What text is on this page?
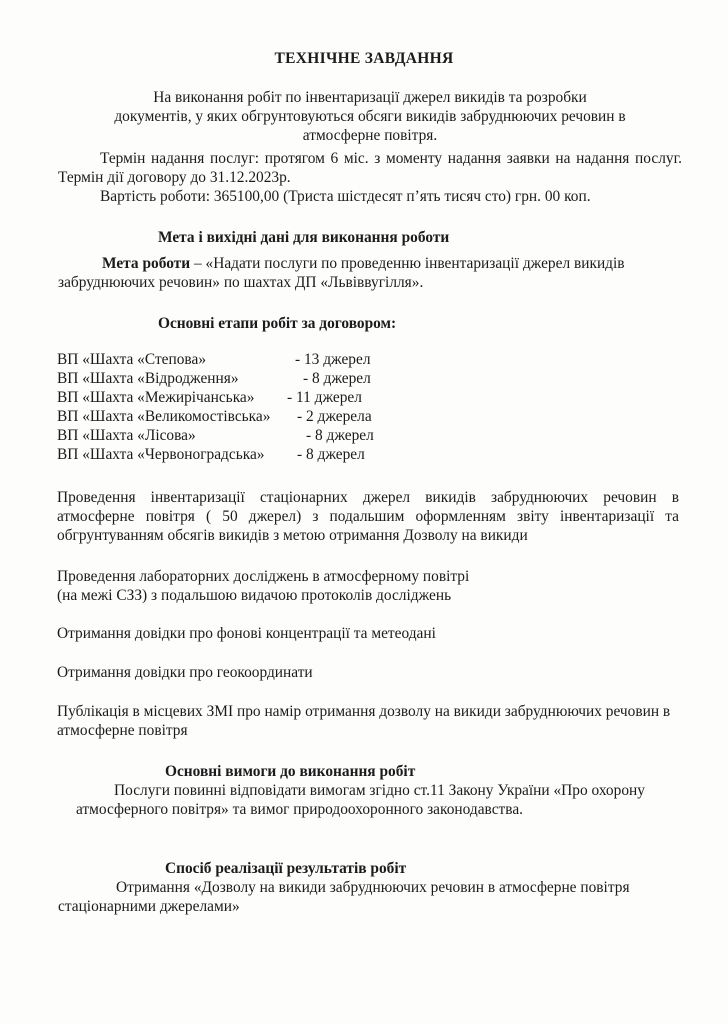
ТЕХНІЧНЕ ЗАВДАННЯ
На виконання робіт по інвентаризації джерел викидів та розробки
документів, у яких обгрунтовуються обсяги викидів забруднюючих речовин в
атмосферне повітря.
Термін надання послуг: протягом 6 міс. з моменту надання заявки на надання послуг. Термін дії договору до 31.12.2023р.
Вартість роботи: 365100,00 (Триста шістдесят п’ять тисяч сто) грн. 00 коп.
Мета і вихідні дані для виконання роботи
Мета роботи – «Надати послуги по проведенню інвентаризації джерел викидів забруднюючих речовин» по шахтах ДП «Львіввугілля».
Основні етапи робіт за договором:
ВП «Шахта «Степова»	- 13 джерел
ВП «Шахта «Відродження»	- 8 джерел
ВП «Шахта «Межирічанська» - 11 джерел
ВП «Шахта «Великомостівська» - 2 джерела
ВП «Шахта «Лісова»	- 8 джерел
ВП «Шахта «Червоноградська» - 8 джерел
Проведення інвентаризації стаціонарних джерел викидів забруднюючих речовин в атмосферне повітря ( 50 джерел) з подальшим оформленням звіту інвентаризації та обгрунтуванням обсягів викидів з метою отримання Дозволу на викиди
Проведення лабораторних досліджень в атмосферному повітрі
(на межі СЗЗ) з подальшою видачою протоколів досліджень
Отримання довідки про фонові концентрації та метеодані
Отримання довідки про геокоординати
Публікація в місцевих ЗМІ про намір отримання дозволу на викиди забруднюючих речовин в атмосферне повітря
Основні вимоги до виконання робіт
Послуги повинні відповідати вимогам згідно ст.11 Закону України «Про охорону атмосферного повітря» та вимог природоохоронного законодавства.
Спосіб реалізації результатів робіт
Отримання «Дозволу на викиди забруднюючих речовин в атмосферне повітря стаціонарними джерелами»
